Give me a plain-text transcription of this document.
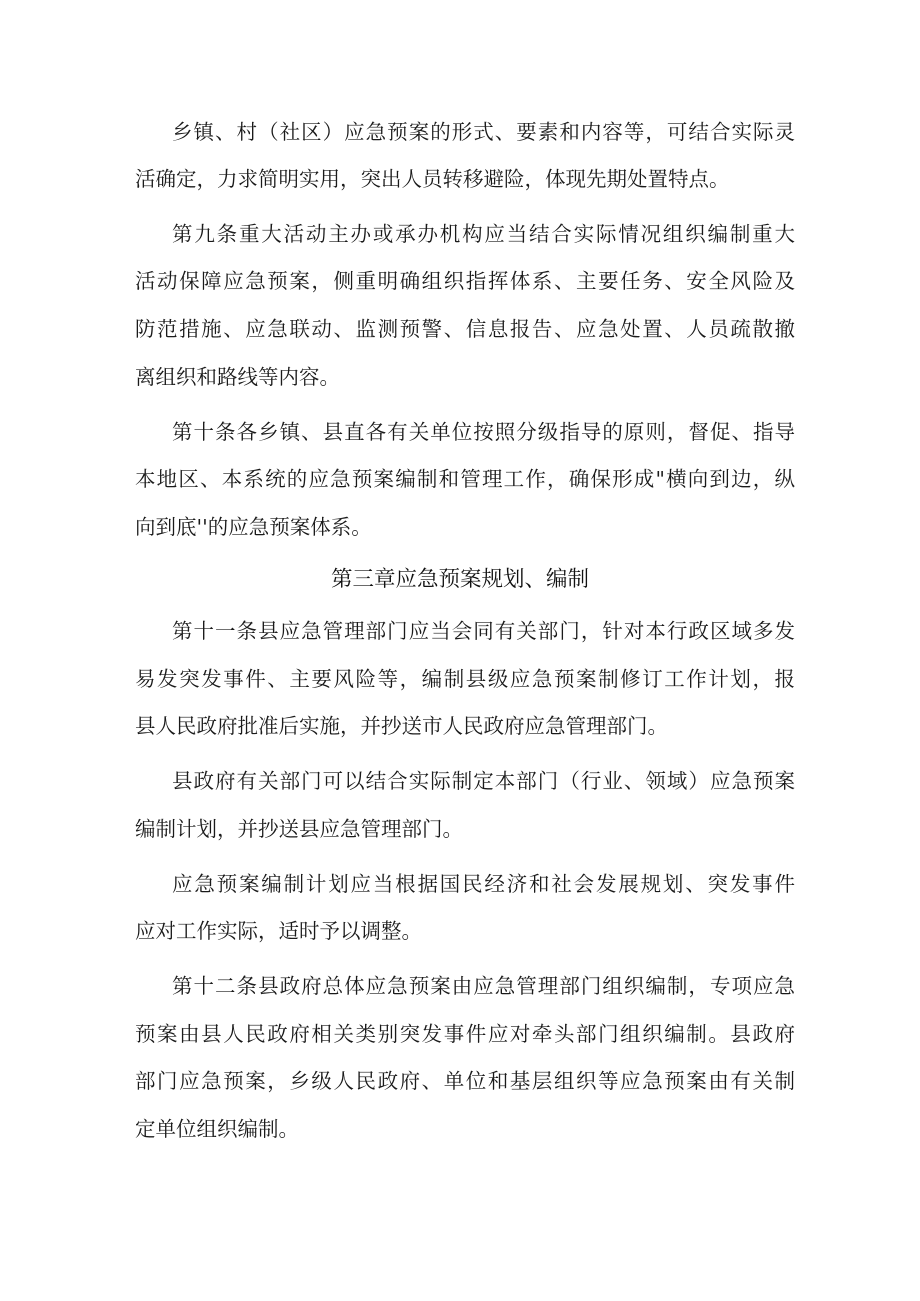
乡镇、村（社区）应急预案的形式、要素和内容等，可结合实际灵
活确定，力求简明实用，突出人员转移避险，体现先期处置特点。
第九条重大活动主办或承办机构应当结合实际情况组织编制重大
活动保障应急预案，侧重明确组织指挥体系、主要任务、安全风险及
防范措施、应急联动、监测预警、信息报告、应急处置、人员疏散撤
离组织和路线等内容。
第十条各乡镇、县直各有关单位按照分级指导的原则，督促、指导
本地区、本系统的应急预案编制和管理工作，确保形成"横向到边，纵
向到底''的应急预案体系。
第三章应急预案规划、编制
第十一条县应急管理部门应当会同有关部门，针对本行政区域多发
易发突发事件、主要风险等，编制县级应急预案制修订工作计划，报
县人民政府批准后实施，并抄送市人民政府应急管理部门。
县政府有关部门可以结合实际制定本部门（行业、领域）应急预案
编制计划，并抄送县应急管理部门。
应急预案编制计划应当根据国民经济和社会发展规划、突发事件
应对工作实际，适时予以调整。
第十二条县政府总体应急预案由应急管理部门组织编制，专项应急
预案由县人民政府相关类别突发事件应对牵头部门组织编制。县政府
部门应急预案，乡级人民政府、单位和基层组织等应急预案由有关制
定单位组织编制。
